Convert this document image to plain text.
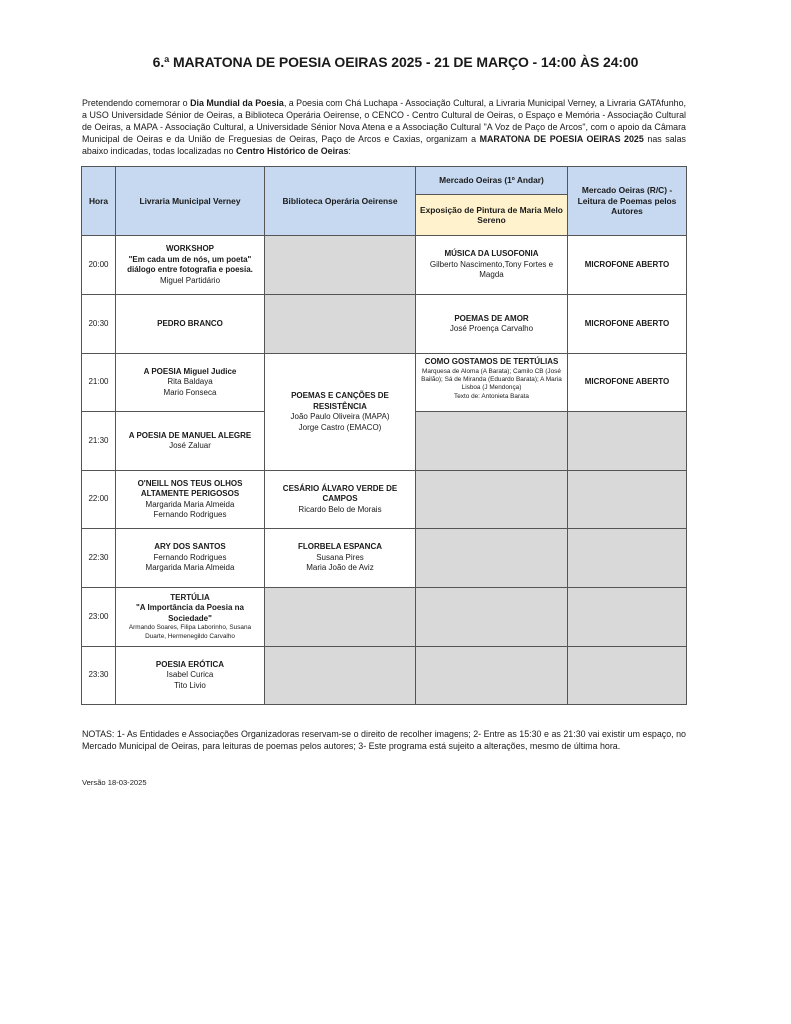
6.ª MARATONA DE POESIA OEIRAS 2025 - 21 DE MARÇO - 14:00 ÀS 24:00
Pretendendo comemorar o Dia Mundial da Poesia, a Poesia com Chá Luchapa - Associação Cultural, a Livraria Municipal Verney, a Livraria GATAfunho, a USO Universidade Sénior de Oeiras, a Biblioteca Operária Oeirense, o CENCO - Centro Cultural de Oeiras, o Espaço e Memória - Associação Cultural de Oeiras, a MAPA - Associação Cultural, a Universidade Sénior Nova Atena e a Associação Cultural "A Voz de Paço de Arcos", com o apoio da Câmara Municipal de Oeiras e da União de Freguesias de Oeiras, Paço de Arcos e Caxias, organizam a MARATONA DE POESIA OEIRAS 2025 nas salas abaixo indicadas, todas localizadas no Centro Histórico de Oeiras:
Hora	Livraria Municipal Verney	Biblioteca Operária Oeirense	Mercado Oeiras (1º Andar)	Mercado Oeiras (R/C) - Leitura de Poemas pelos Autores
			Exposição de Pintura de Maria Melo Sereno	
20:00	WORKSHOP
"Em cada um de nós, um poeta"
diálogo entre fotografia e poesia.
Miguel Partidário		MÚSICA DA LUSOFONIA
Gilberto Nascimento,Tony Fortes e Magda	MICROFONE ABERTO

20:30	PEDRO BRANCO		POEMAS DE AMOR
José Proença Carvalho	MICROFONE ABERTO

21:00	A POESIA Miguel Judice
Rita Baldaya
Mario Fonseca	POEMAS E CANÇÕES DE RESISTÊNCIA
João Paulo Oliveira (MAPA)
Jorge Castro (EMACO)	COMO GOSTAMOS DE TERTÚLIAS
Marquesa de Aloma (A Barata); Camilo CB (José Bailão); Sá de Miranda (Eduardo Barata); A Maria Lisboa (J Mendonça)
Texto de: Antonieta Barata	MICROFONE ABERTO

21:30	A POESIA DE MANUEL ALEGRE
José Zaluar			

22:00	O'NEILL NOS TEUS OLHOS ALTAMENTE PERIGOSOS
Margarida Maria Almeida
Fernando Rodrigues	CESÁRIO ÁLVARO VERDE DE CAMPOS
Ricardo Belo de Morais		

22:30	ARY DOS SANTOS
Fernando Rodrigues
Margarida Maria Almeida	FLORBELA ESPANCA
Susana Pires
Maria João de Aviz		

23:00	TERTÚLIA
"A Importância da Poesia na Sociedade"
Armando Soares, Filipa Laborinho, Susana Duarte, Hermenegildo Carvalho			

23:30	POESIA ERÓTICA
Isabel Curica
Tito Livio			

NOTAS: 1- As Entidades e Associações Organizadoras reservam-se o direito de recolher imagens; 2- Entre as 15:30 e as 21:30 vai existir um espaço, no Mercado Municipal de Oeiras, para leituras de poemas pelos autores; 3- Este programa está sujeito a alterações, mesmo de última hora.
Versão 18-03-2025
